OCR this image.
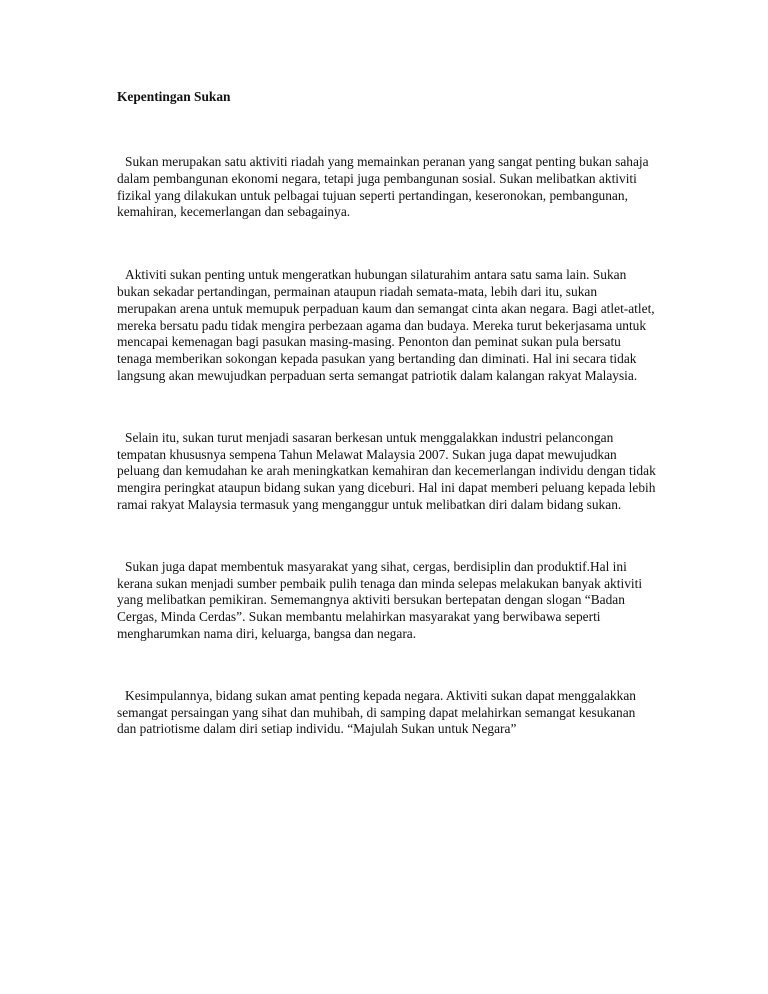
Kepentingan Sukan

Sukan merupakan satu aktiviti riadah yang memainkan peranan yang sangat penting bukan sahaja dalam pembangunan ekonomi negara, tetapi juga pembangunan sosial. Sukan melibatkan aktiviti fizikal yang dilakukan untuk pelbagai tujuan seperti pertandingan, keseronokan, pembangunan, kemahiran, kecemerlangan dan sebagainya.

Aktiviti sukan penting untuk mengeratkan hubungan silaturahim antara satu sama lain. Sukan bukan sekadar pertandingan, permainan ataupun riadah semata-mata, lebih dari itu, sukan merupakan arena untuk memupuk perpaduan kaum dan semangat cinta akan negara. Bagi atlet-atlet, mereka bersatu padu tidak mengira perbezaan agama dan budaya. Mereka turut bekerjasama untuk mencapai kemenagan bagi pasukan masing-masing. Penonton dan peminat sukan pula bersatu tenaga memberikan sokongan kepada pasukan yang bertanding dan diminati. Hal ini secara tidak langsung akan mewujudkan perpaduan serta semangat patriotik dalam kalangan rakyat Malaysia.

Selain itu, sukan turut menjadi sasaran berkesan untuk menggalakkan industri pelancongan tempatan khususnya sempena Tahun Melawat Malaysia 2007. Sukan juga dapat mewujudkan peluang dan kemudahan ke arah meningkatkan kemahiran dan kecemerlangan individu dengan tidak mengira peringkat ataupun bidang sukan yang diceburi. Hal ini dapat memberi peluang kepada lebih ramai rakyat Malaysia termasuk yang menganggur untuk melibatkan diri dalam bidang sukan.

Sukan juga dapat membentuk masyarakat yang sihat, cergas, berdisiplin dan produktif.Hal ini kerana sukan menjadi sumber pembaik pulih tenaga dan minda selepas melakukan banyak aktiviti yang melibatkan pemikiran. Sememangnya aktiviti bersukan bertepatan dengan slogan “Badan Cergas, Minda Cerdas”. Sukan membantu melahirkan masyarakat yang berwibawa seperti mengharumkan nama diri, keluarga, bangsa dan negara.

Kesimpulannya, bidang sukan amat penting kepada negara. Aktiviti sukan dapat menggalakkan semangat persaingan yang sihat dan muhibah, di samping dapat melahirkan semangat kesukanan dan patriotisme dalam diri setiap individu. “Majulah Sukan untuk Negara”
